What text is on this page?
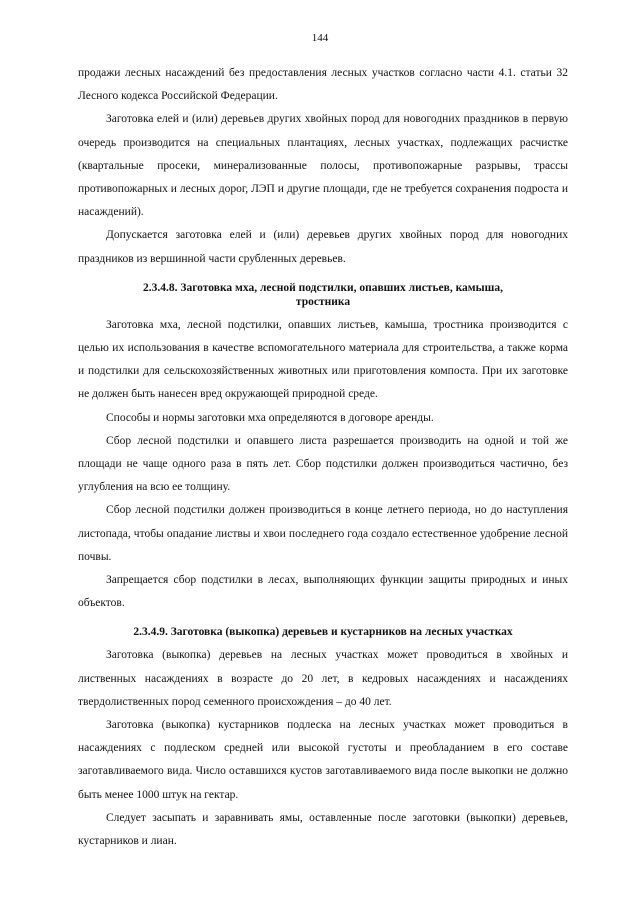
144

продажи лесных насаждений без предоставления лесных участков согласно части 4.1. статьи 32 Лесного кодекса Российской Федерации.

Заготовка елей и (или) деревьев других хвойных пород для новогодних праздников в первую очередь производится на специальных плантациях, лесных участках, подлежащих расчистке (квартальные просеки, минерализованные полосы, противопожарные разрывы, трассы противопожарных и лесных дорог, ЛЭП и другие площади, где не требуется сохранения подроста и насаждений).

Допускается заготовка елей и (или) деревьев других хвойных пород для новогодних праздников из вершинной части срубленных деревьев.

2.3.4.8. Заготовка мха, лесной подстилки, опавших листьев, камыша,
тростника

Заготовка мха, лесной подстилки, опавших листьев, камыша, тростника производится с целью их использования в качестве вспомогательного материала для строительства, а также корма и подстилки для сельскохозяйственных животных или приготовления компоста. При их заготовке не должен быть нанесен вред окружающей природной среде.

Способы и нормы заготовки мха определяются в договоре аренды.

Сбор лесной подстилки и опавшего листа разрешается производить на одной и той же площади не чаще одного раза в пять лет. Сбор подстилки должен производиться частично, без углубления на всю ее толщину.

Сбор лесной подстилки должен производиться в конце летнего периода, но до наступления листопада, чтобы опадание листвы и хвои последнего года создало естественное удобрение лесной почвы.

Запрещается сбор подстилки в лесах, выполняющих функции защиты природных и иных объектов.

2.3.4.9. Заготовка (выкопка) деревьев и кустарников на лесных участках

Заготовка (выкопка) деревьев на лесных участках может проводиться в хвойных и лиственных насаждениях в возрасте до 20 лет, в кедровых насаждениях и насаждениях твердолиственных пород семенного происхождения – до 40 лет.

Заготовка (выкопка) кустарников подлеска на лесных участках может проводиться в насаждениях с подлеском средней или высокой густоты и преобладанием в его составе заготавливаемого вида. Число оставшихся кустов заготавливаемого вида после выкопки не должно быть менее 1000 штук на гектар.

Следует засыпать и заравнивать ямы, оставленные после заготовки (выкопки) деревьев, кустарников и лиан.
